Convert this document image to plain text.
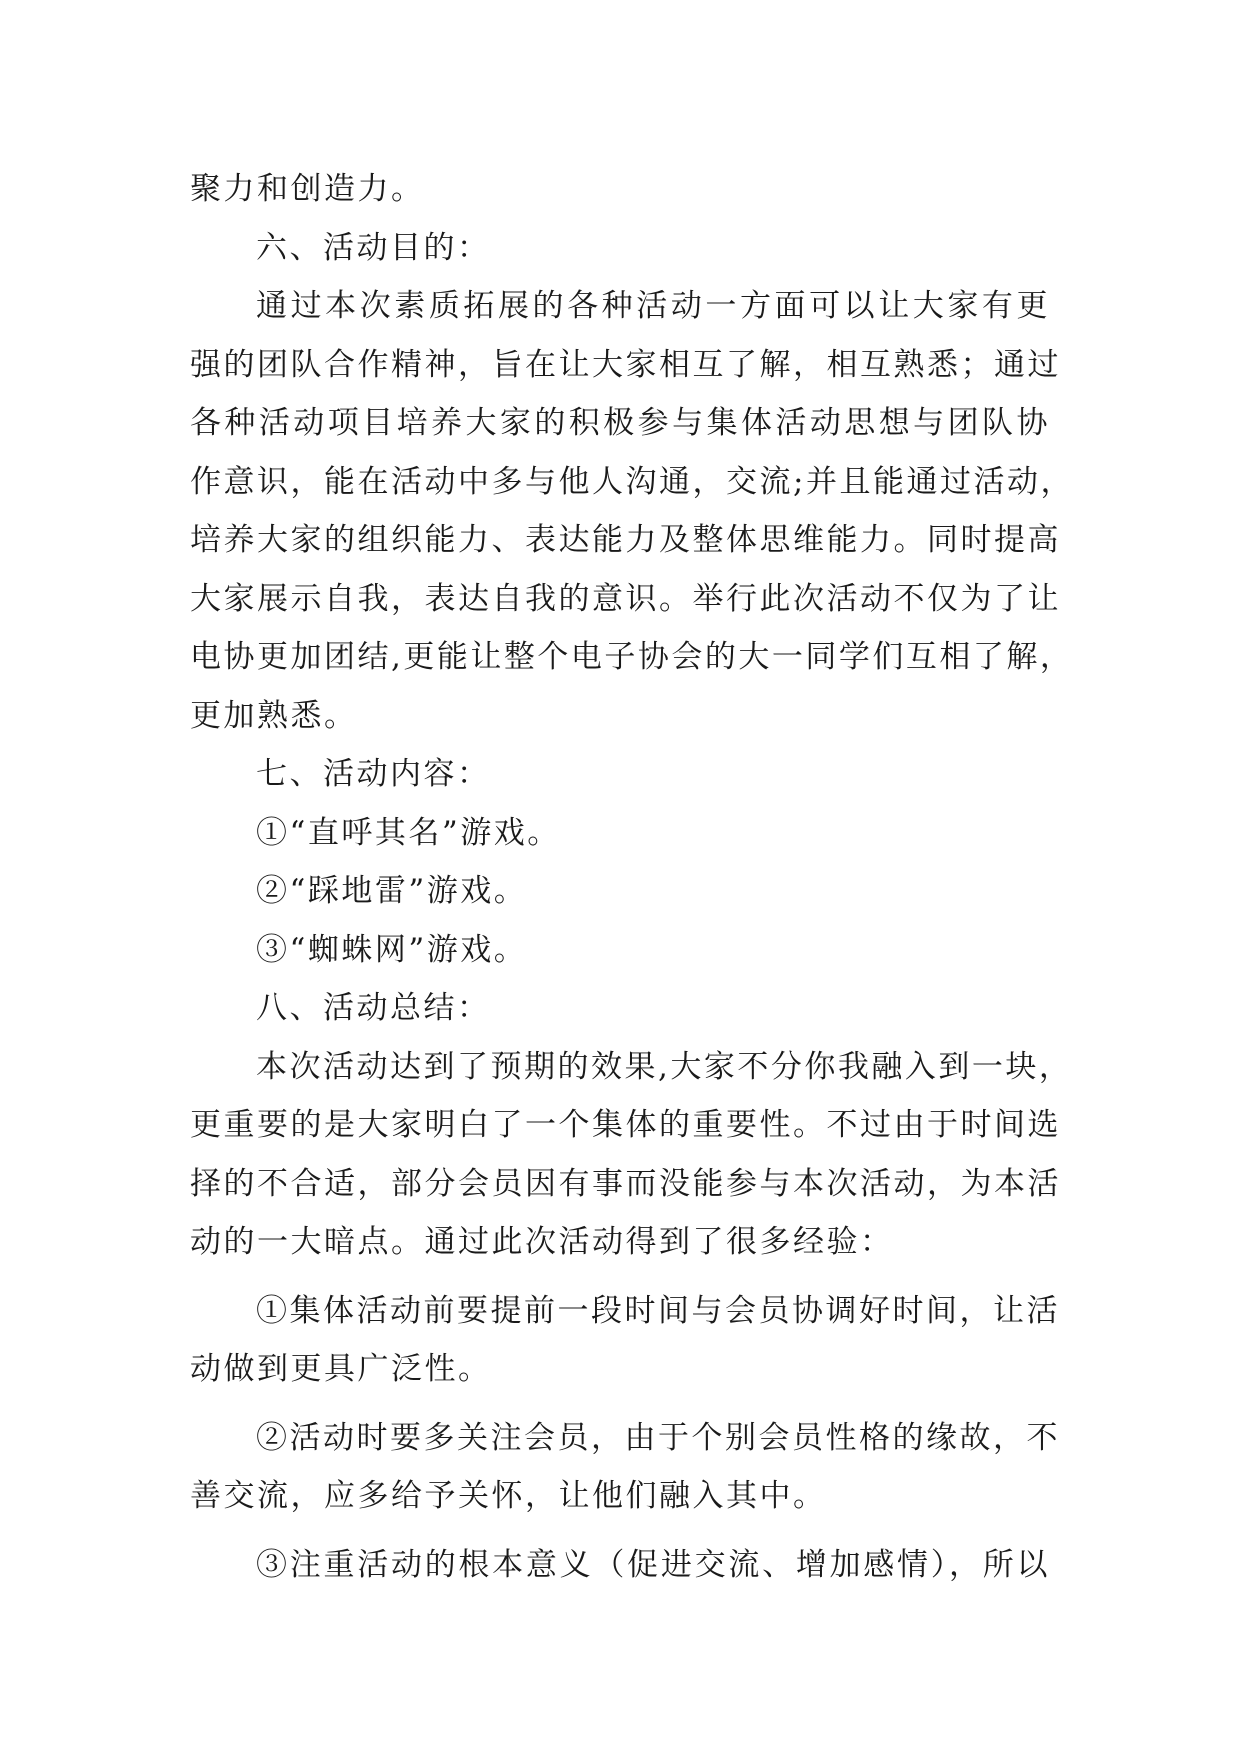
聚力和创造力。

六、活动目的：

通过本次素质拓展的各种活动一方面可以让大家有更

强的团队合作精神，旨在让大家相互了解，相互熟悉；通过

各种活动项目培养大家的积极参与集体活动思想与团队协

作意识，能在活动中多与他人沟通，交流;并且能通过活动，

培养大家的组织能力、表达能力及整体思维能力。同时提高

大家展示自我，表达自我的意识。举行此次活动不仅为了让

电协更加团结,更能让整个电子协会的大一同学们互相了解，

更加熟悉。

七、活动内容：

①“直呼其名”游戏。

②“踩地雷”游戏。

③“蜘蛛网”游戏。

八、活动总结：

本次活动达到了预期的效果,大家不分你我融入到一块，

更重要的是大家明白了一个集体的重要性。不过由于时间选

择的不合适，部分会员因有事而没能参与本次活动，为本活

动的一大暗点。通过此次活动得到了很多经验：

①集体活动前要提前一段时间与会员协调好时间，让活

动做到更具广泛性。

②活动时要多关注会员，由于个别会员性格的缘故，不

善交流，应多给予关怀，让他们融入其中。

③注重活动的根本意义（促进交流、增加感情），所以
